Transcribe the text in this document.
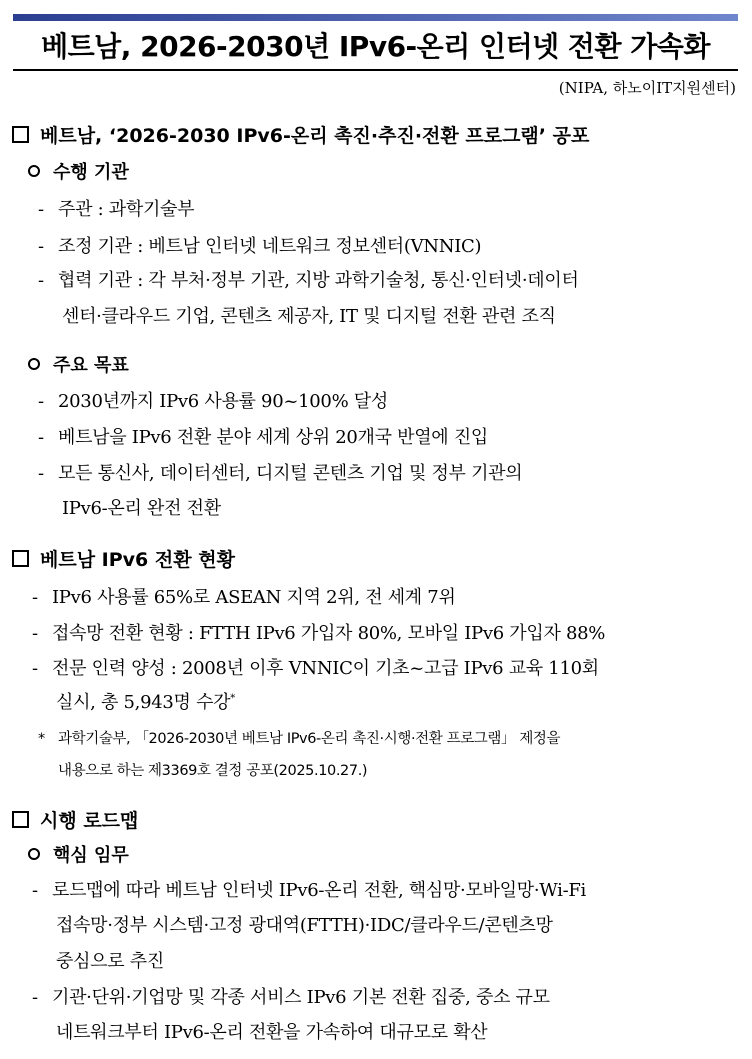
베트남, 2026-2030년 IPv6-온리 인터넷 전환 가속화
(NIPA, 하노이IT지원센터)
베트남, ‘2026-2030 IPv6-온리 촉진·추진·전환 프로그램’ 공포
수행 기관
- 주관 : 과학기술부
- 조정 기관 : 베트남 인터넷 네트워크 정보센터(VNNIC)
- 협력 기관 : 각 부처·정부 기관, 지방 과학기술청, 통신·인터넷·데이터
센터·클라우드 기업, 콘텐츠 제공자, IT 및 디지털 전환 관련 조직
주요 목표
- 2030년까지 IPv6 사용률 90~100% 달성
- 베트남을 IPv6 전환 분야 세계 상위 20개국 반열에 진입
- 모든 통신사, 데이터센터, 디지털 콘텐츠 기업 및 정부 기관의
IPv6-온리 완전 전환
베트남 IPv6 전환 현황
- IPv6 사용률 65%로 ASEAN 지역 2위, 전 세계 7위
- 접속망 전환 현황 : FTTH IPv6 가입자 80%, 모바일 IPv6 가입자 88%
- 전문 인력 양성 : 2008년 이후 VNNIC이 기초~고급 IPv6 교육 110회
실시, 총 5,943명 수강*
* 과학기술부, 「2026-2030년 베트남 IPv6-온리 촉진·시행·전환 프로그램」 제정을
내용으로 하는 제3369호 결정 공포(2025.10.27.)
시행 로드맵
핵심 임무
- 로드맵에 따라 베트남 인터넷 IPv6-온리 전환, 핵심망·모바일망·Wi-Fi
접속망·정부 시스템·고정 광대역(FTTH)·IDC/클라우드/콘텐츠망
중심으로 추진
- 기관·단위·기업망 및 각종 서비스 IPv6 기본 전환 집중, 중소 규모
네트워크부터 IPv6-온리 전환을 가속하여 대규모로 확산
